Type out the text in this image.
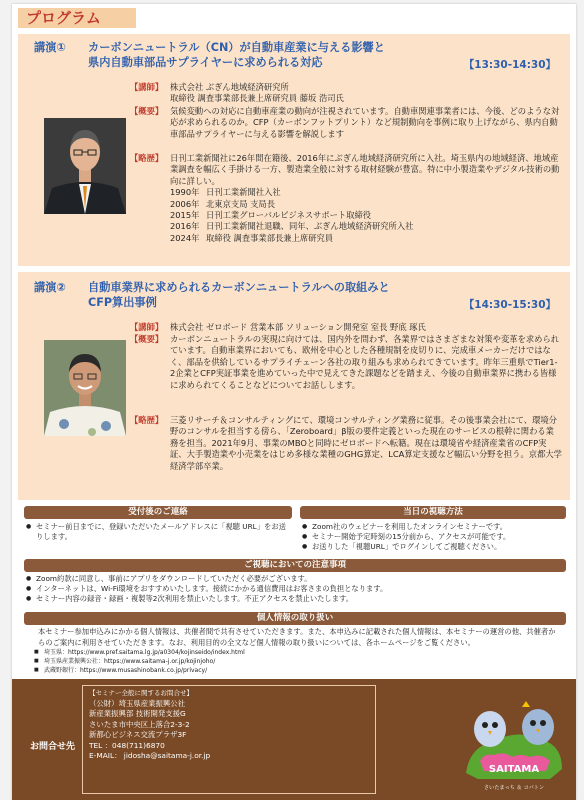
プログラム
講演① カーボンニュートラル（CN）が自動車産業に与える影響と
県内自動車部品サプライヤーに求められる対応	【13:30-14:30】
【講師】 株式会社 ぶぎん地域経済研究所
取締役 調査事業部長兼上席研究員 藤坂 浩司氏
【概要】 気候変動への対応に自動車産業の動向が注視されています。自動車関連事業者には、今後、どのような対応が求められるのか。CFP（カーボンフットプリント）など規制動向を事例に取り上げながら、県内自動車部品サプライヤーに与える影響を解説します
【略歴】 日刊工業新聞社に26年間在籍後、2016年にぶぎん地域経済研究所に入社。埼玉県内の地域経済、地域産業調査を幅広く手掛ける一方、製造業全般に対する取材経験が豊富。特に中小製造業やデジタル技術の動向に詳しい。
1990年 日刊工業新聞社入社
2006年 北東京支局 支局長
2015年 日刊工業グローバルビジネスサポート取締役
2016年 日刊工業新聞社退職、同年、ぶぎん地域経済研究所入社
2024年 取締役 調査事業部長兼上席研究員
講演② 自動車業界に求められるカーボンニュートラルへの取組みと
CFP算出事例	【14:30-15:30】
【講師】 株式会社 ゼロボード 営業本部 ソリューション開発室 室長 野底 琢氏
【概要】 カーボンニュートラルの実現に向けては、国内外を問わず、各業界ではさまざまな対策や変革を求められています。自動車業界においても、欧州を中心とした各種規制を皮切りに、完成車メーカーだけではなく、部品を供給しているサプライチェーン各社の取り組みも求められてきています。昨年三重県でTier1-2企業とCFP実証事業を進めていった中で見えてきた課題などを踏まえ、今後の自動車業界に携わる皆様に求められてくることなどについてお話しします。
【略歴】 三菱リサーチ＆コンサルティングにて、環境コンサルティング業務に従事。その後事業会社にて、環境分野のコンサルを担当する傍ら、「Zeroboard」β版の要件定義といった現在のサービスの根幹に関わる業務を担当。2021年9月、事業のMBOと同時にゼロボードへ転籍。現在は環境省や経済産業省のCFP実証、大手製造業や小売業をはじめ多様な業種のGHG算定、LCA算定支援など幅広い分野を担う。京都大学経済学部卒業。
受付後のご連絡
● セミナー前日までに、登録いただいたメールアドレスに「視聴 URL」をお送りします。
当日の視聴方法
● Zoom社のウェビナーを利用したオンラインセミナーです。
● セミナー開始予定時刻の15分前から、アクセスが可能です。
● お送りした「視聴URL」でログインしてご視聴ください。
ご視聴においての注意事項
● Zoom約款に同意し、事前にアプリをダウンロードしていただく必要がございます。
● インターネットは、Wi-Fi環境をおすすめいたします。接続にかかる通信費用はお客さまの負担となります。
● セミナー内容の録音・録画・複製等2次利用を禁止いたします。不正アクセスを禁止いたします。
個人情報の取り扱い
本セミナー参加申込みにかかる個人情報は、共催者間で共有させていただきます。また、本申込みに記載された個人情報は、本セミナーの運営の他、共催者からのご案内に利用させていただきます。なお、利用目的の全文など個人情報の取り扱いについては、各ホームページをご覧ください。
■ 埼玉県：https://www.pref.saitama.lg.jp/a0304/kojinseido/index.html
■ 埼玉県産業振興公社：https://www.saitama-j.or.jp/kojinjoho/
■ 武蔵野銀行：https://www.musashinobank.co.jp/privacy/
お問合せ先
【セミナー全般に関するお問合せ】
（公財）埼玉県産業振興公社
新産業振興部 技術開発支援G
さいたま市中央区上落合2-3-2
新都心ビジネス交流プラザ3F
TEL ：048(711)6870
E-MAIL： jidosha@saitama-j.or.jp
SAITAMA
さいたまっち ＆ コバトン
